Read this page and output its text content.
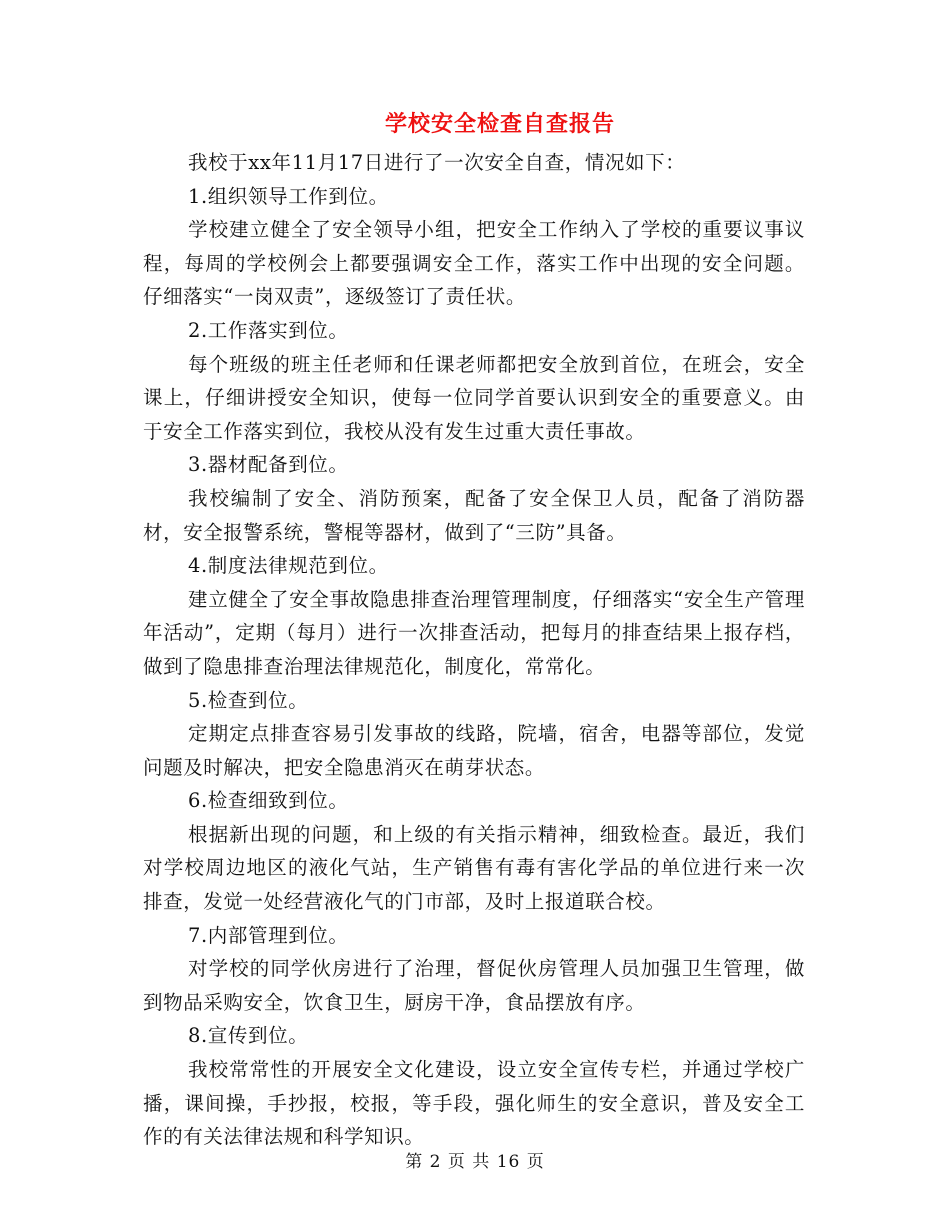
学校安全检查自查报告

我校于xx年11月17日进行了一次安全自查，情况如下：

1.组织领导工作到位。

学校建立健全了安全领导小组，把安全工作纳入了学校的重要议事议程，每周的学校例会上都要强调安全工作，落实工作中出现的安全问题。仔细落实“一岗双责”，逐级签订了责任状。

2.工作落实到位。

每个班级的班主任老师和任课老师都把安全放到首位，在班会，安全课上，仔细讲授安全知识，使每一位同学首要认识到安全的重要意义。由于安全工作落实到位，我校从没有发生过重大责任事故。

3.器材配备到位。

我校编制了安全、消防预案，配备了安全保卫人员，配备了消防器材，安全报警系统，警棍等器材，做到了“三防”具备。

4.制度法律规范到位。

建立健全了安全事故隐患排查治理管理制度，仔细落实“安全生产管理年活动”，定期（每月）进行一次排查活动，把每月的排查结果上报存档，做到了隐患排查治理法律规范化，制度化，常常化。

5.检查到位。

定期定点排查容易引发事故的线路，院墙，宿舍，电器等部位，发觉问题及时解决，把安全隐患消灭在萌芽状态。

6.检查细致到位。

根据新出现的问题，和上级的有关指示精神，细致检查。最近，我们对学校周边地区的液化气站，生产销售有毒有害化学品的单位进行来一次排查，发觉一处经营液化气的门市部，及时上报道联合校。

7.内部管理到位。

对学校的同学伙房进行了治理，督促伙房管理人员加强卫生管理，做到物品采购安全，饮食卫生，厨房干净，食品摆放有序。

8.宣传到位。

我校常常性的开展安全文化建设，设立安全宣传专栏，并通过学校广播，课间操，手抄报，校报，等手段，强化师生的安全意识，普及安全工作的有关法律法规和科学知识。

第 2 页 共 16 页
